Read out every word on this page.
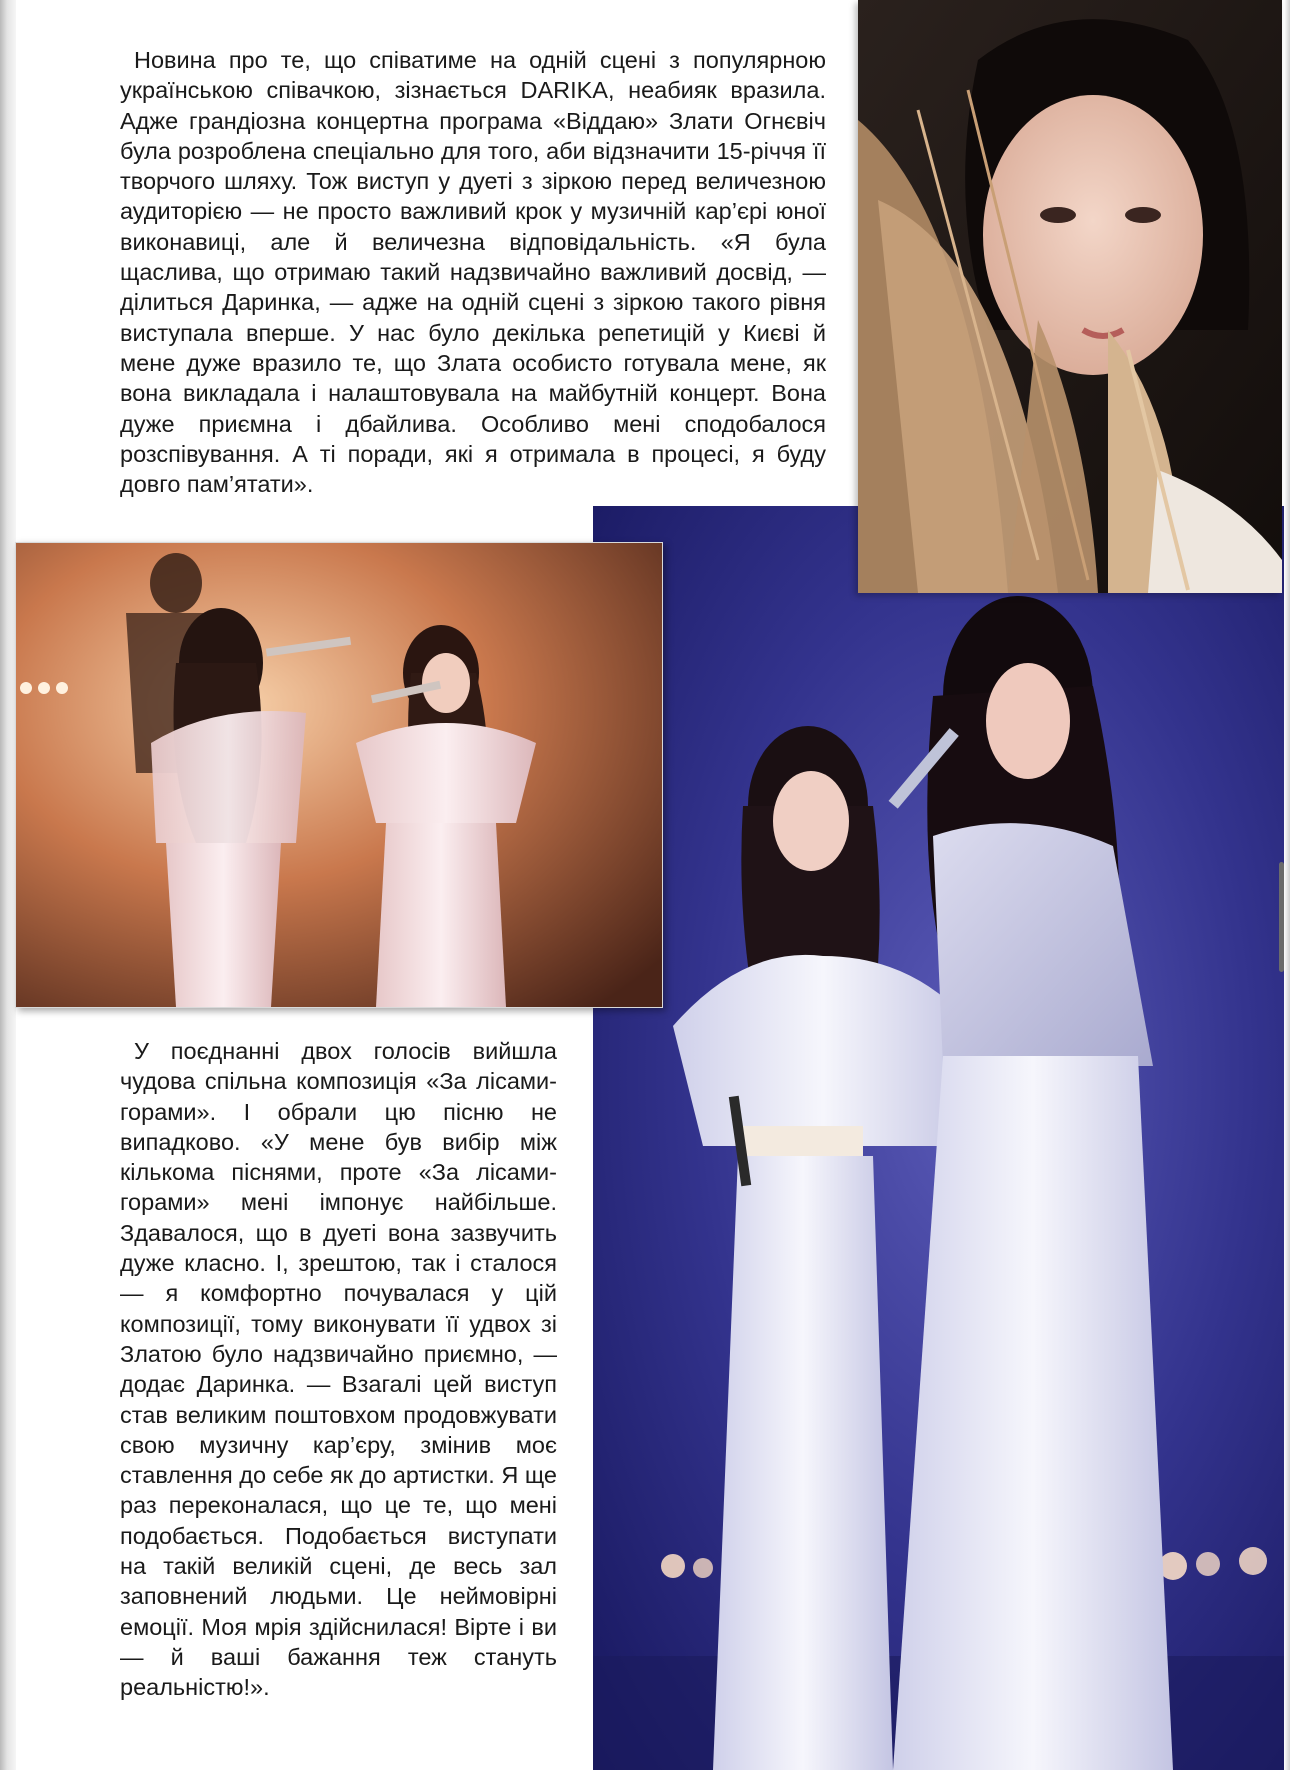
Новина про те, що співатиме на одній сцені з популярною українською співачкою, зізнається DARIKA, неабияк вразила. Адже грандіозна концертна програма «Віддаю» Злати Огнєвіч була розроблена спеціально для того, аби відзначити 15-річчя її творчого шляху. Тож виступ у дуеті з зіркою перед величезною аудиторією — не просто важливий крок у музичній кар’єрі юної виконавиці, але й величезна відповідальність. «Я була щаслива, що отримаю такий надзвичайно важливий досвід, — ділиться Даринка, — адже на одній сцені з зіркою такого рівня виступала вперше. У нас було декілька репетицій у Києві й мене дуже вразило те, що Злата особисто готувала мене, як вона викладала і налаштовувала на майбутній концерт. Вона дуже приємна і дбайлива. Особливо мені сподобалося розспівування. А ті поради, які я отримала в процесі, я буду довго пам’ятати».

У поєднанні двох голосів вийшла чудова спільна композиція «За лісами-горами». І обрали цю пісню не випадково. «У мене був вибір між кількома піснями, проте «За лісами-горами» мені імпонує найбільше. Здавалося, що в дуеті вона зазвучить дуже класно. І, зрештою, так і сталося — я комфортно почувалася у цій композиції, тому виконувати її удвох зі Златою було надзвичайно приємно, — додає Даринка. — Взагалі цей виступ став великим поштовхом продовжувати свою музичну кар’єру, змінив моє ставлення до себе як до артистки. Я ще раз переконалася, що це те, що мені подобається. Подобається виступати на такій великій сцені, де весь зал заповнений людьми. Це неймовірні емоції. Моя мрія здійснилася! Вірте і ви — й ваші бажання теж стануть реальністю!».
